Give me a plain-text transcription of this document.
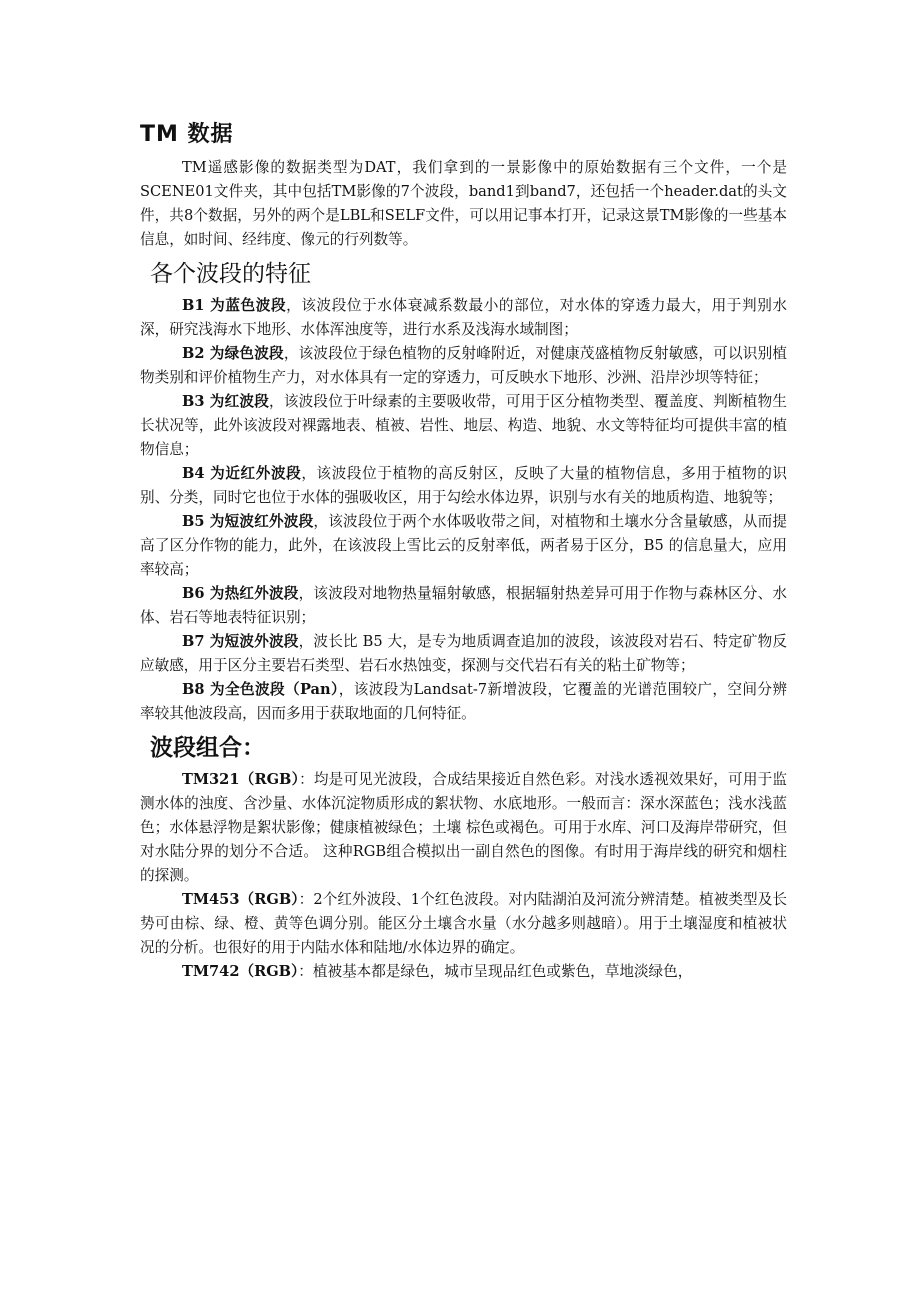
TM 数据

TM遥感影像的数据类型为DAT，我们拿到的一景影像中的原始数据有三个文件，一个是SCENE01文件夹，其中包括TM影像的7个波段，band1到band7，还包括一个header.dat的头文件，共8个数据，另外的两个是LBL和SELF文件，可以用记事本打开，记录这景TM影像的一些基本信息，如时间、经纬度、像元的行列数等。

各个波段的特征

B1 为蓝色波段，该波段位于水体衰减系数最小的部位，对水体的穿透力最大，用于判别水深，研究浅海水下地形、水体浑浊度等，进行水系及浅海水域制图；

B2 为绿色波段，该波段位于绿色植物的反射峰附近，对健康茂盛植物反射敏感，可以识别植物类别和评价植物生产力，对水体具有一定的穿透力，可反映水下地形、沙洲、沿岸沙坝等特征；

B3 为红波段，该波段位于叶绿素的主要吸收带，可用于区分植物类型、覆盖度、判断植物生长状况等，此外该波段对裸露地表、植被、岩性、地层、构造、地貌、水文等特征均可提供丰富的植物信息；

B4 为近红外波段，该波段位于植物的高反射区，反映了大量的植物信息，多用于植物的识别、分类，同时它也位于水体的强吸收区，用于勾绘水体边界，识别与水有关的地质构造、地貌等；

B5 为短波红外波段，该波段位于两个水体吸收带之间，对植物和土壤水分含量敏感，从而提高了区分作物的能力，此外，在该波段上雪比云的反射率低，两者易于区分，B5 的信息量大，应用率较高；

B6 为热红外波段，该波段对地物热量辐射敏感，根据辐射热差异可用于作物与森林区分、水体、岩石等地表特征识别；

B7 为短波外波段，波长比 B5 大，是专为地质调查追加的波段，该波段对岩石、特定矿物反应敏感，用于区分主要岩石类型、岩石水热蚀变，探测与交代岩石有关的粘土矿物等；

B8 为全色波段（Pan），该波段为Landsat-7新增波段，它覆盖的光谱范围较广，空间分辨率较其他波段高，因而多用于获取地面的几何特征。

波段组合：

TM321（RGB）：均是可见光波段，合成结果接近自然色彩。对浅水透视效果好，可用于监测水体的浊度、含沙量、水体沉淀物质形成的絮状物、水底地形。一般而言：深水深蓝色；浅水浅蓝色；水体悬浮物是絮状影像；健康植被绿色；土壤 棕色或褐色。可用于水库、河口及海岸带研究，但对水陆分界的划分不合适。 这种RGB组合模拟出一副自然色的图像。有时用于海岸线的研究和烟柱的探测。

TM453（RGB）：2个红外波段、1个红色波段。对内陆湖泊及河流分辨清楚。植被类型及长势可由棕、绿、橙、黄等色调分别。能区分土壤含水量（水分越多则越暗）。用于土壤湿度和植被状况的分析。也很好的用于内陆水体和陆地/水体边界的确定。

TM742（RGB）：植被基本都是绿色，城市呈现品红色或紫色，草地淡绿色，
